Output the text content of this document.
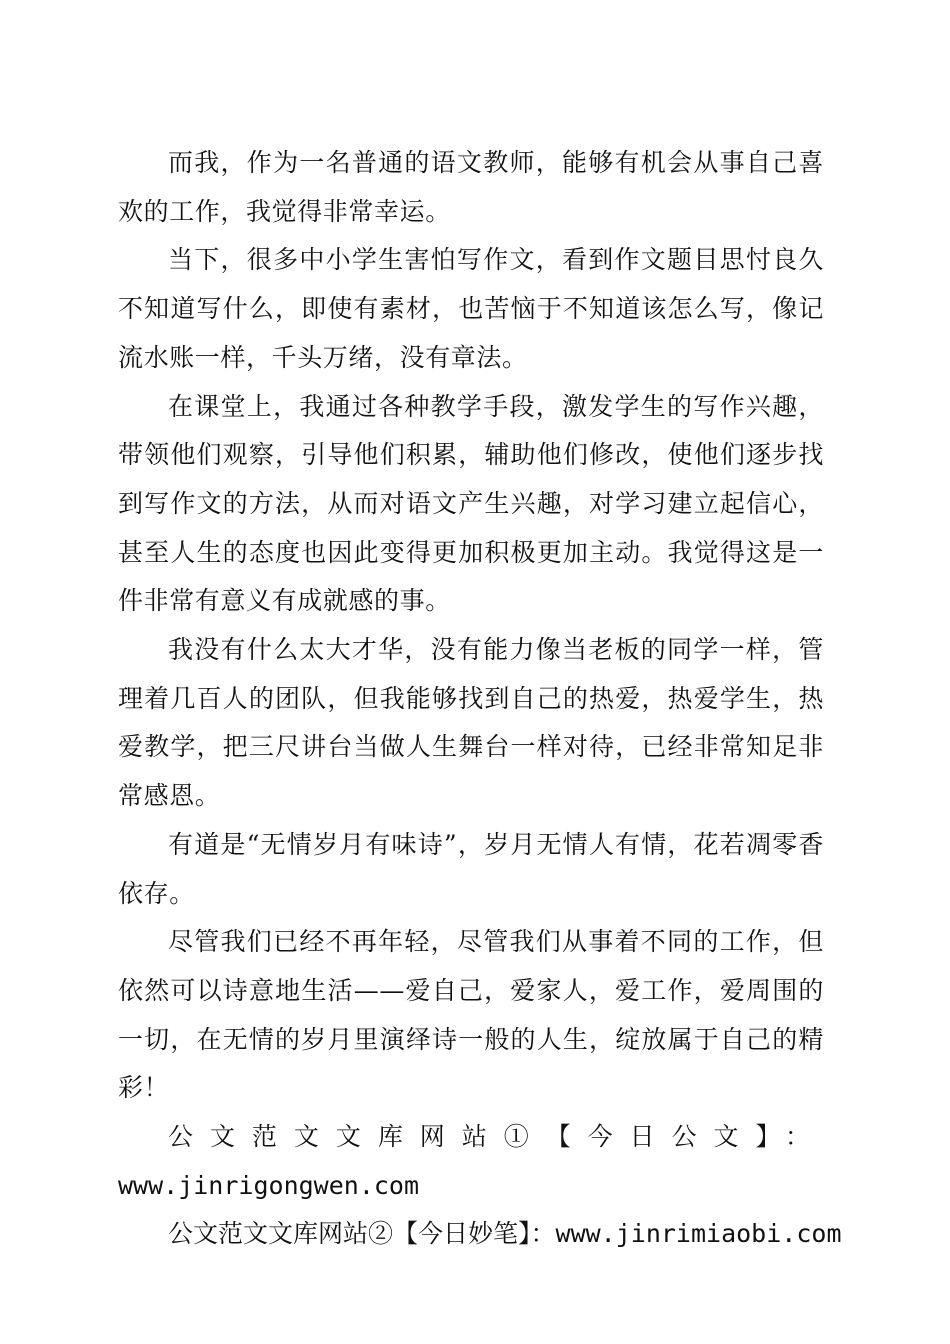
而我，作为一名普通的语文教师，能够有机会从事自己喜欢的工作，我觉得非常幸运。

当下，很多中小学生害怕写作文，看到作文题目思忖良久不知道写什么，即使有素材，也苦恼于不知道该怎么写，像记流水账一样，千头万绪，没有章法。

在课堂上，我通过各种教学手段，激发学生的写作兴趣，带领他们观察，引导他们积累，辅助他们修改，使他们逐步找到写作文的方法，从而对语文产生兴趣，对学习建立起信心，甚至人生的态度也因此变得更加积极更加主动。我觉得这是一件非常有意义有成就感的事。

我没有什么太大才华，没有能力像当老板的同学一样，管理着几百人的团队，但我能够找到自己的热爱，热爱学生，热爱教学，把三尺讲台当做人生舞台一样对待，已经非常知足非常感恩。

有道是“无情岁月有味诗”，岁月无情人有情，花若凋零香依存。

尽管我们已经不再年轻，尽管我们从事着不同的工作，但依然可以诗意地生活——爱自己，爱家人，爱工作，爱周围的一切，在无情的岁月里演绎诗一般的人生，绽放属于自己的精彩！

公文范文文库网站①【今日公文】：

www.jinrigongwen.com

公文范文文库网站②【今日妙笔】：www.jinrimiaobi.com
